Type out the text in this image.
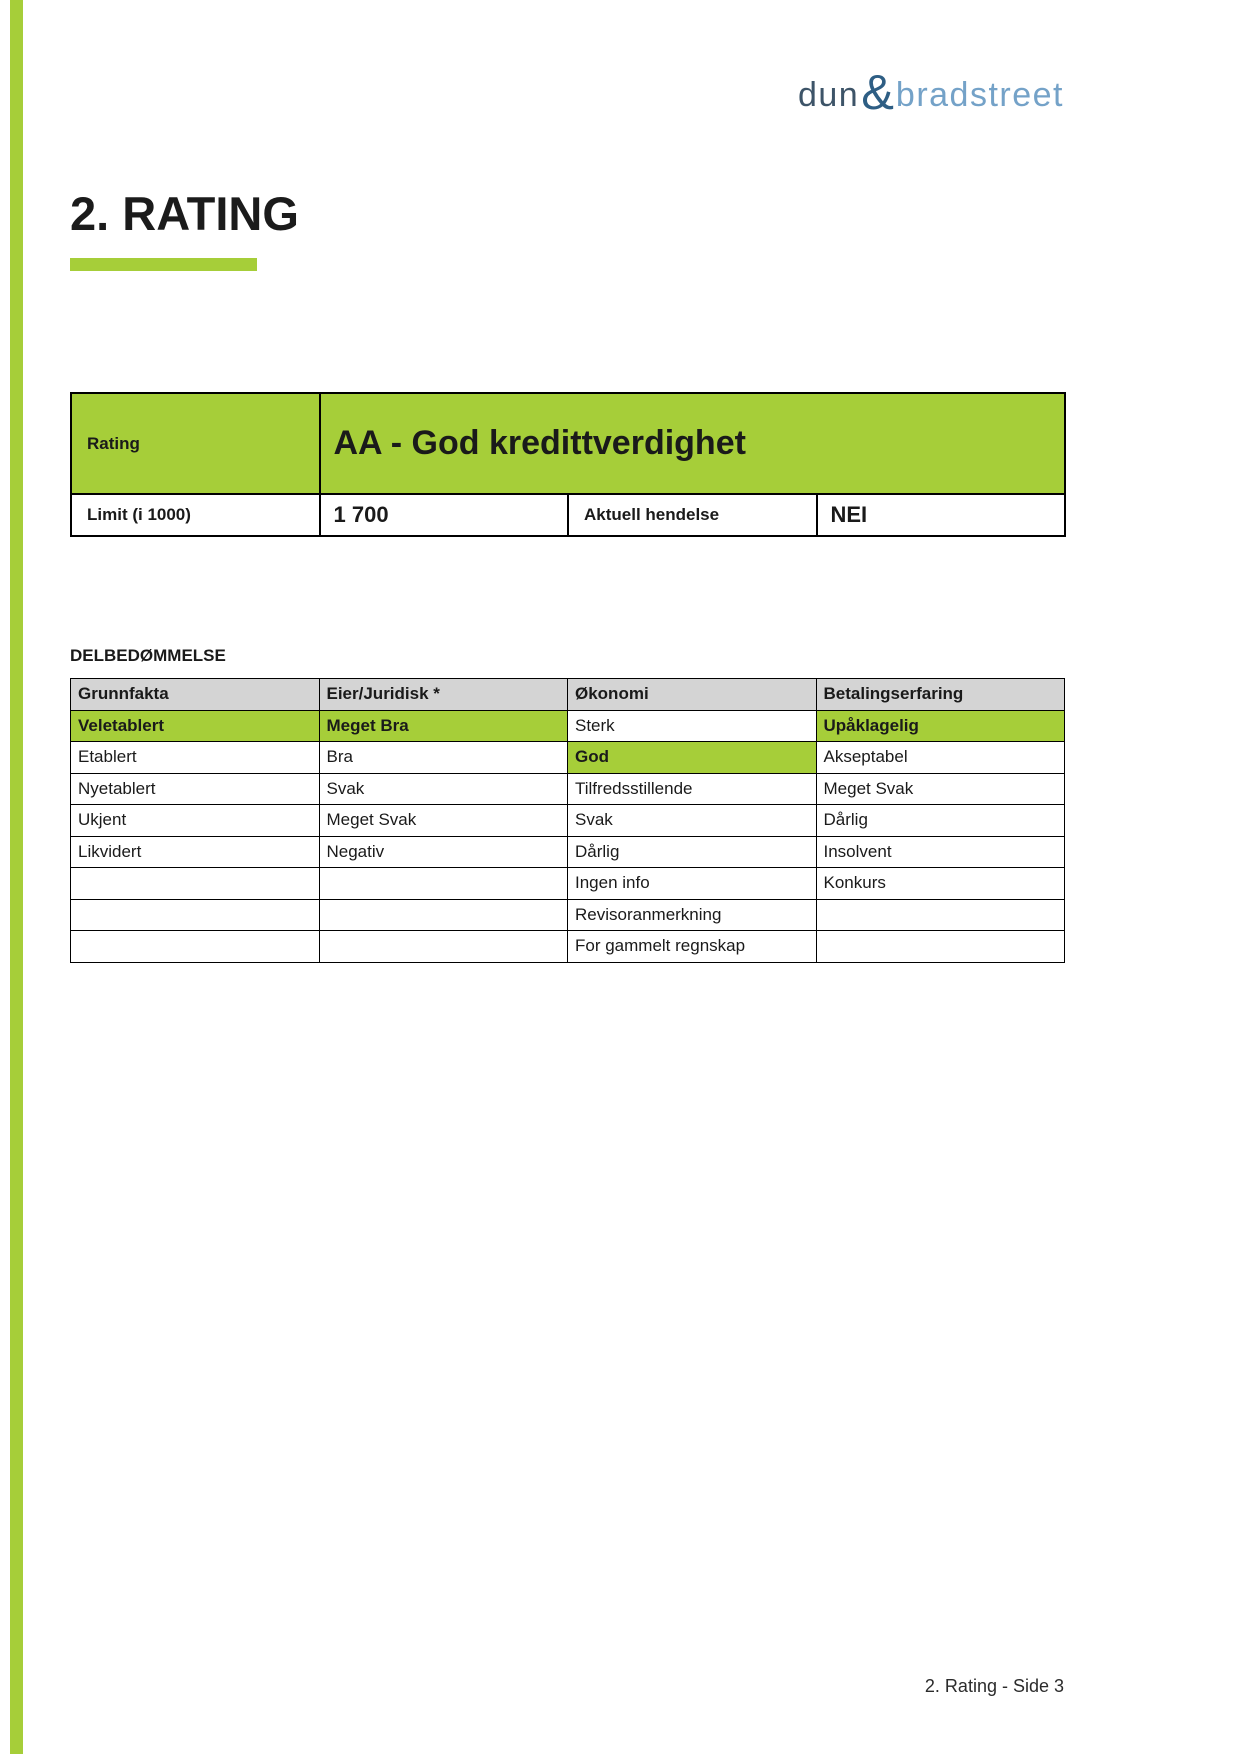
dun & bradstreet
2. RATING
Rating	AA - God kredittverdighet		
Limit (i 1000)	1 700	Aktuell hendelse	NEI

DELBEDØMMELSE

Grunnfakta	Eier/Juridisk *	Økonomi	Betalingserfaring
Veletablert	Meget Bra	Sterk	Upåklagelig
Etablert	Bra	God	Akseptabel
Nyetablert	Svak	Tilfredsstillende	Meget Svak
Ukjent	Meget Svak	Svak	Dårlig
Likvidert	Negativ	Dårlig	Insolvent
		Ingen info	Konkurs
		Revisoranmerkning	
		For gammelt regnskap	
2. Rating - Side 3
